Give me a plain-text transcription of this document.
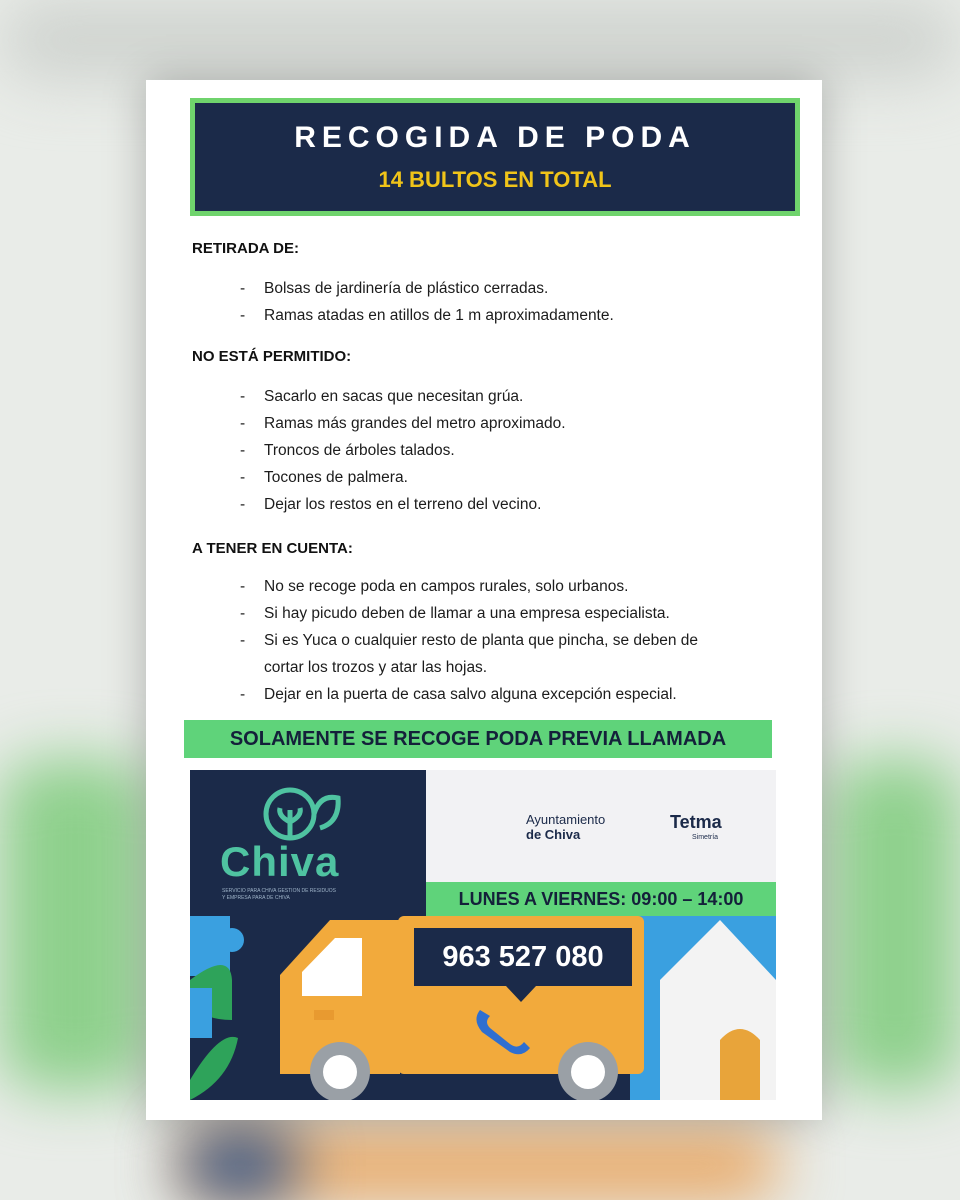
RECOGIDA DE PODA
14 BULTOS EN TOTAL

RETIRADA DE:

- Bolsas de jardinería de plástico cerradas.
- Ramas atadas en atillos de 1 m aproximadamente.

NO ESTÁ PERMITIDO:

- Sacarlo en sacas que necesitan grúa.
- Ramas más grandes del metro aproximado.
- Troncos de árboles talados.
- Tocones de palmera.
- Dejar los restos en el terreno del vecino.

A TENER EN CUENTA:

- No se recoge poda en campos rurales, solo urbanos.
- Si hay picudo deben de llamar a una empresa especialista.
- Si es Yuca o cualquier resto de planta que pincha, se deben de
cortar los trozos y atar las hojas.
- Dejar en la puerta de casa salvo alguna excepción especial.
SOLAMENTE SE RECOGE PODA PREVIA LLAMADA
Ayuntamiento
de Chiva
Tetma
Simetría
Chiva
SERVICIO PARA CHIVA GESTION DE RESIDUOS
Y EMPRESA PARA DE CHIVA	LUNES A VIERNES: 09:00 – 14:00
963 527 080
